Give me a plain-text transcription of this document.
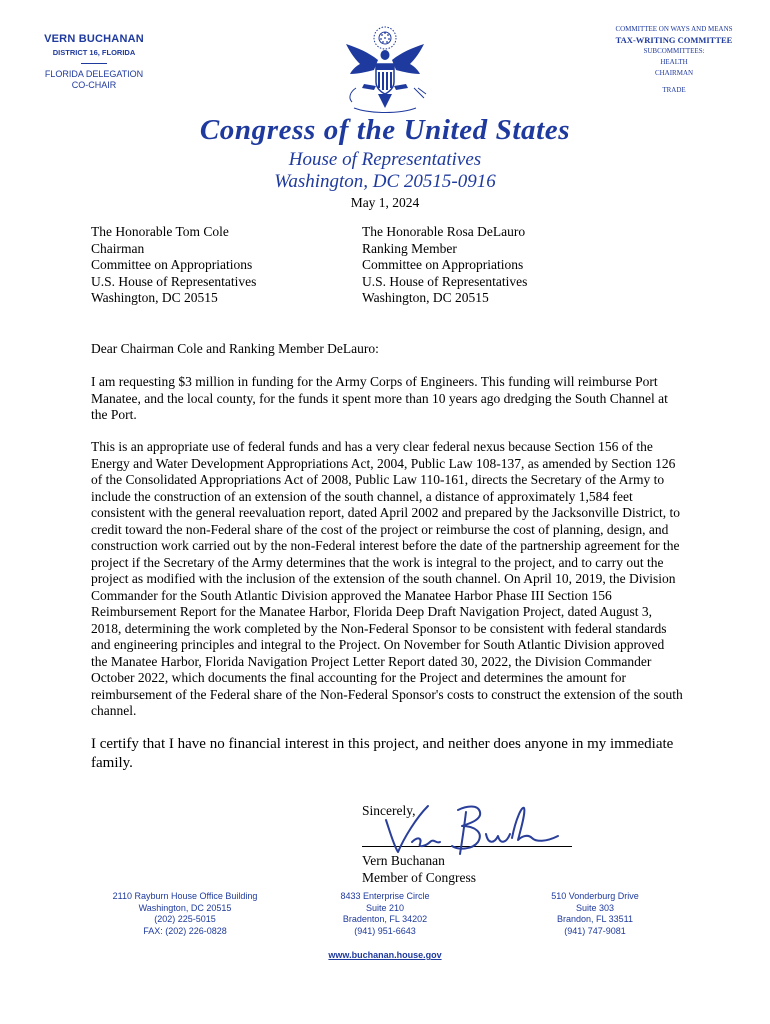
VERN BUCHANAN
DISTRICT 16, FLORIDA
FLORIDA DELEGATION
CO-CHAIR
COMMITTEE ON WAYS AND MEANS
TAX-WRITING COMMITTEE
SUBCOMMITTEES:
HEALTH
CHAIRMAN
TRADE
Congress of the United States
House of Representatives
Washington, DC 20515-0916
May 1, 2024
The Honorable Tom Cole
Chairman
Committee on Appropriations
U.S. House of Representatives
Washington, DC 20515
The Honorable Rosa DeLauro
Ranking Member
Committee on Appropriations
U.S. House of Representatives
Washington, DC 20515
Dear Chairman Cole and Ranking Member DeLauro:

I am requesting $3 million in funding for the Army Corps of Engineers. This funding will reimburse Port Manatee, and the local county, for the funds it spent more than 10 years ago dredging the South Channel at the Port.

This is an appropriate use of federal funds and has a very clear federal nexus because Section 156 of the Energy and Water Development Appropriations Act, 2004, Public Law 108-137, as amended by Section 126 of the Consolidated Appropriations Act of 2008, Public Law 110-161, directs the Secretary of the Army to include the construction of an extension of the south channel, a distance of approximately 1,584 feet consistent with the general reevaluation report, dated April 2002 and prepared by the Jacksonville District, to credit toward the non-Federal share of the cost of the project or reimburse the cost of planning, design, and construction work carried out by the non-Federal interest before the date of the partnership agreement for the project if the Secretary of the Army determines that the work is integral to the project, and to carry out the project as modified with the inclusion of the extension of the south channel. On April 10, 2019, the Division Commander for the South Atlantic Division approved the Manatee Harbor Phase III Section 156 Reimbursement Report for the Manatee Harbor, Florida Deep Draft Navigation Project, dated August 3, 2018, determining the work completed by the Non-Federal Sponsor to be consistent with federal standards and engineering principles and integral to the Project. On November for South Atlantic Division approved the Manatee Harbor, Florida Navigation Project Letter Report dated 30, 2022, the Division Commander October 2022, which documents the final accounting for the Project and determines the amount for reimbursement of the Federal share of the Non-Federal Sponsor's costs to construct the extension of the south channel.

I certify that I have no financial interest in this project, and neither does anyone in my immediate family.

Sincerely,
Vern Buchanan
Member of Congress
2110 Rayburn House Office Building
Washington, DC 20515
(202) 225-5015
FAX: (202) 226-0828
8433 Enterprise Circle
Suite 210
Bradenton, FL 34202
(941) 951-6643
510 Vonderburg Drive
Suite 303
Brandon, FL 33511
(941) 747-9081
www.buchanan.house.gov
